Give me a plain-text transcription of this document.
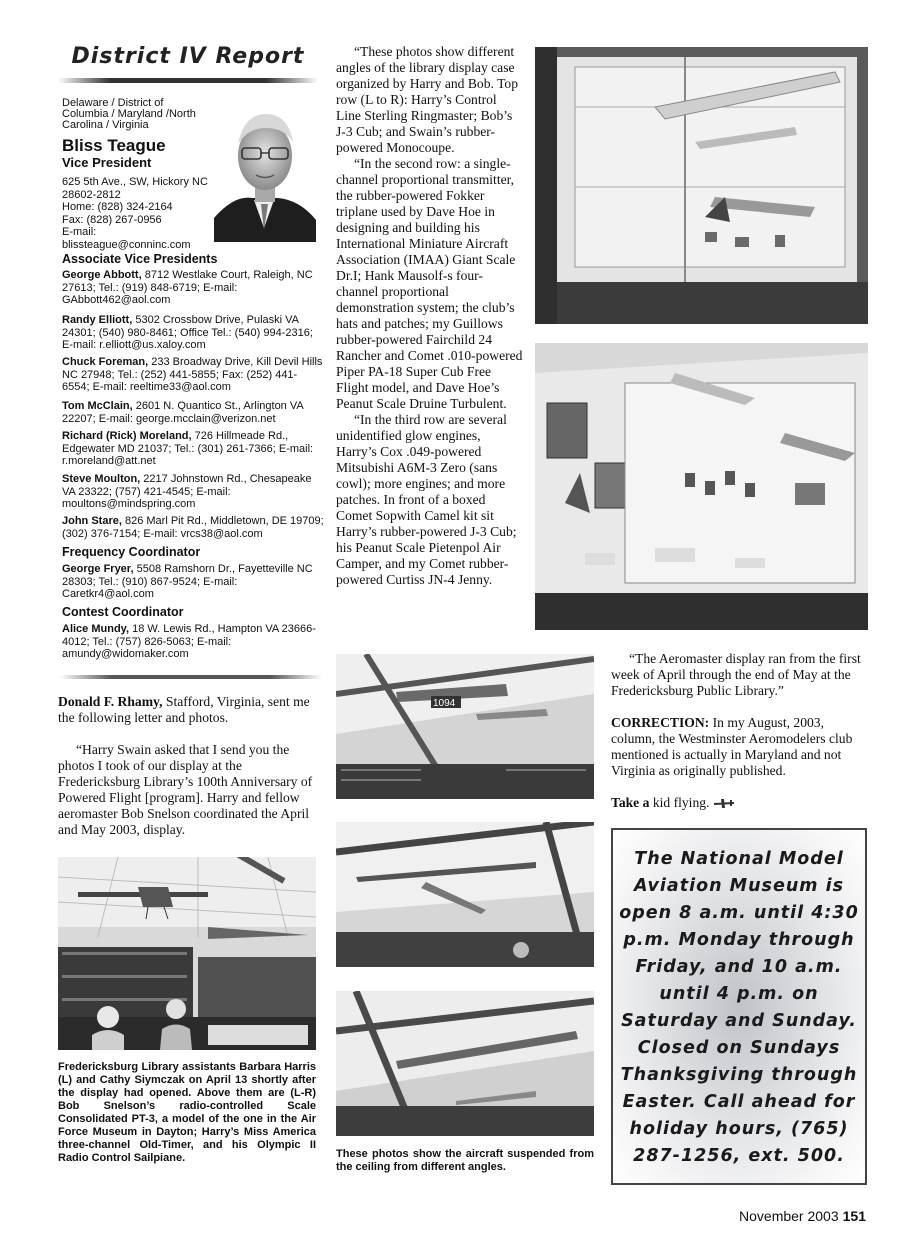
District IV Report
Delaware / District of Columbia / Maryland /North Carolina / Virginia
Bliss Teague
Vice President
625 5th Ave., SW, Hickory NC
28602-2812
Home: (828) 324-2164
Fax: (828) 267-0956
E-mail:
blissteague@conninc.com
Associate Vice Presidents
George Abbott, 8712 Westlake Court, Raleigh, NC 27613; Tel.: (919) 848-6719; E-mail: GAbbott462@aol.com
Randy Elliott, 5302 Crossbow Drive, Pulaski VA 24301; (540) 980-8461; Office Tel.: (540) 994-2316; E-mail: r.elliott@us.xaloy.com
Chuck Foreman, 233 Broadway Drive, Kill Devil Hills NC 27948; Tel.: (252) 441-5855; Fax: (252) 441-6554; E-mail: reeltime33@aol.com
Tom McClain, 2601 N. Quantico St., Arlington VA 22207; E-mail: george.mcclain@verizon.net
Richard (Rick) Moreland, 726 Hillmeade Rd., Edgewater MD 21037; Tel.: (301) 261-7366; E-mail: r.moreland@att.net
Steve Moulton, 2217 Johnstown Rd., Chesapeake VA 23322; (757) 421-4545; E-mail: moultons@mindspring.com
John Stare, 826 Marl Pit Rd., Middletown, DE 19709; (302) 376-7154; E-mail: vrcs38@aol.com
Frequency Coordinator
George Fryer, 5508 Ramshorn Dr., Fayetteville NC 28303; Tel.: (910) 867-9524; E-mail: Caretkr4@aol.com
Contest Coordinator
Alice Mundy, 18 W. Lewis Rd., Hampton VA 23666-4012; Tel.: (757) 826-5063; E-mail: amundy@widomaker.com

Donald F. Rhamy, Stafford, Virginia, sent me the following letter and photos.

“Harry Swain asked that I send you the photos I took of our display at the Fredericksburg Library’s 100th Anniversary of Powered Flight [program]. Harry and fellow aeromaster Bob Snelson coordinated the April and May 2003, display.

Fredericksburg Library assistants Barbara Harris (L) and Cathy Siymczak on April 13 shortly after the display had opened. Above them are (L-R) Bob Snelson’s radio-controlled Scale Consolidated PT-3, a model of the one in the Air Force Museum in Dayton; Harry’s Miss America three-channel Old-Timer, and his Olympic II Radio Control Sailpiane.

“These photos show different angles of the library display case organized by Harry and Bob. Top row (L to R): Harry’s Control Line Sterling Ringmaster; Bob’s J-3 Cub; and Swain’s rubber-powered Monocoupe.

“In the second row: a single-channel proportional transmitter, the rubber-powered Fokker triplane used by Dave Hoe in designing and building his International Miniature Aircraft Association (IMAA) Giant Scale Dr.I; Hank Mausolf-s four-channel proportional demonstration system; the club’s hats and patches; my Guillows rubber-powered Fairchild 24 Rancher and Comet .010-powered Piper PA-18 Super Cub Free Flight model, and Dave Hoe’s Peanut Scale Druine Turbulent.

“In the third row are several unidentified glow engines, Harry’s Cox .049-powered Mitsubishi A6M-3 Zero (sans cowl); more engines; and more patches. In front of a boxed Comet Sopwith Camel kit sit Harry’s rubber-powered J-3 Cub; his Peanut Scale Pietenpol Air Camper, and my Comet rubber-powered Curtiss JN-4 Jenny.

1094
These photos show the aircraft suspended from the ceiling from different angles.

“The Aeromaster display ran from the first week of April through the end of May at the Fredericksburg Public Library.”

CORRECTION: In my August, 2003, column, the Westminster Aeromodelers club mentioned is actually in Maryland and not Virginia as originally published.

Take a kid flying.

The National Model Aviation Museum is open 8 a.m. until 4:30 p.m. Monday through Friday, and 10 a.m. until 4 p.m. on Saturday and Sunday. Closed on Sundays Thanksgiving through Easter. Call ahead for holiday hours, (765) 287-1256, ext. 500.
November 2003 151
